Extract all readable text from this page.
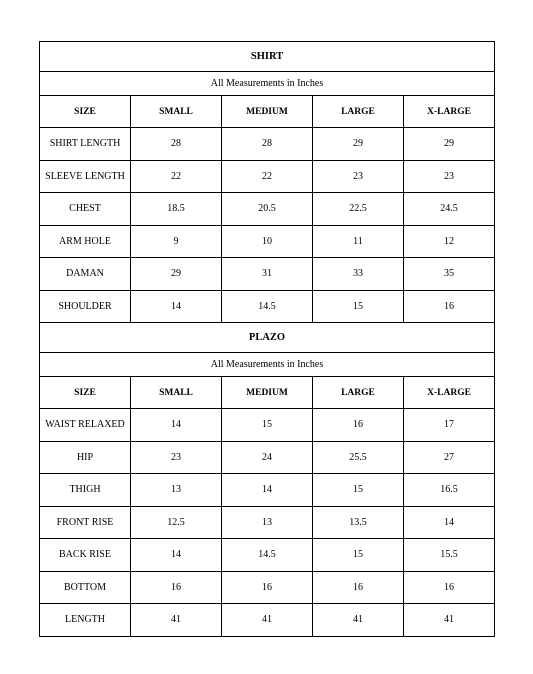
SHIRT				
All Measurements in Inches				
SIZE	SMALL	MEDIUM	LARGE	X-LARGE
SHIRT LENGTH	28	28	29	29
SLEEVE LENGTH	22	22	23	23
CHEST	18.5	20.5	22.5	24.5
ARM HOLE	9	10	11	12
DAMAN	29	31	33	35
SHOULDER	14	14.5	15	16
PLAZO				
All Measurements in Inches				
SIZE	SMALL	MEDIUM	LARGE	X-LARGE
WAIST RELAXED	14	15	16	17
HIP	23	24	25.5	27
THIGH	13	14	15	16.5
FRONT RISE	12.5	13	13.5	14
BACK RISE	14	14.5	15	15.5
BOTTOM	16	16	16	16
LENGTH	41	41	41	41
